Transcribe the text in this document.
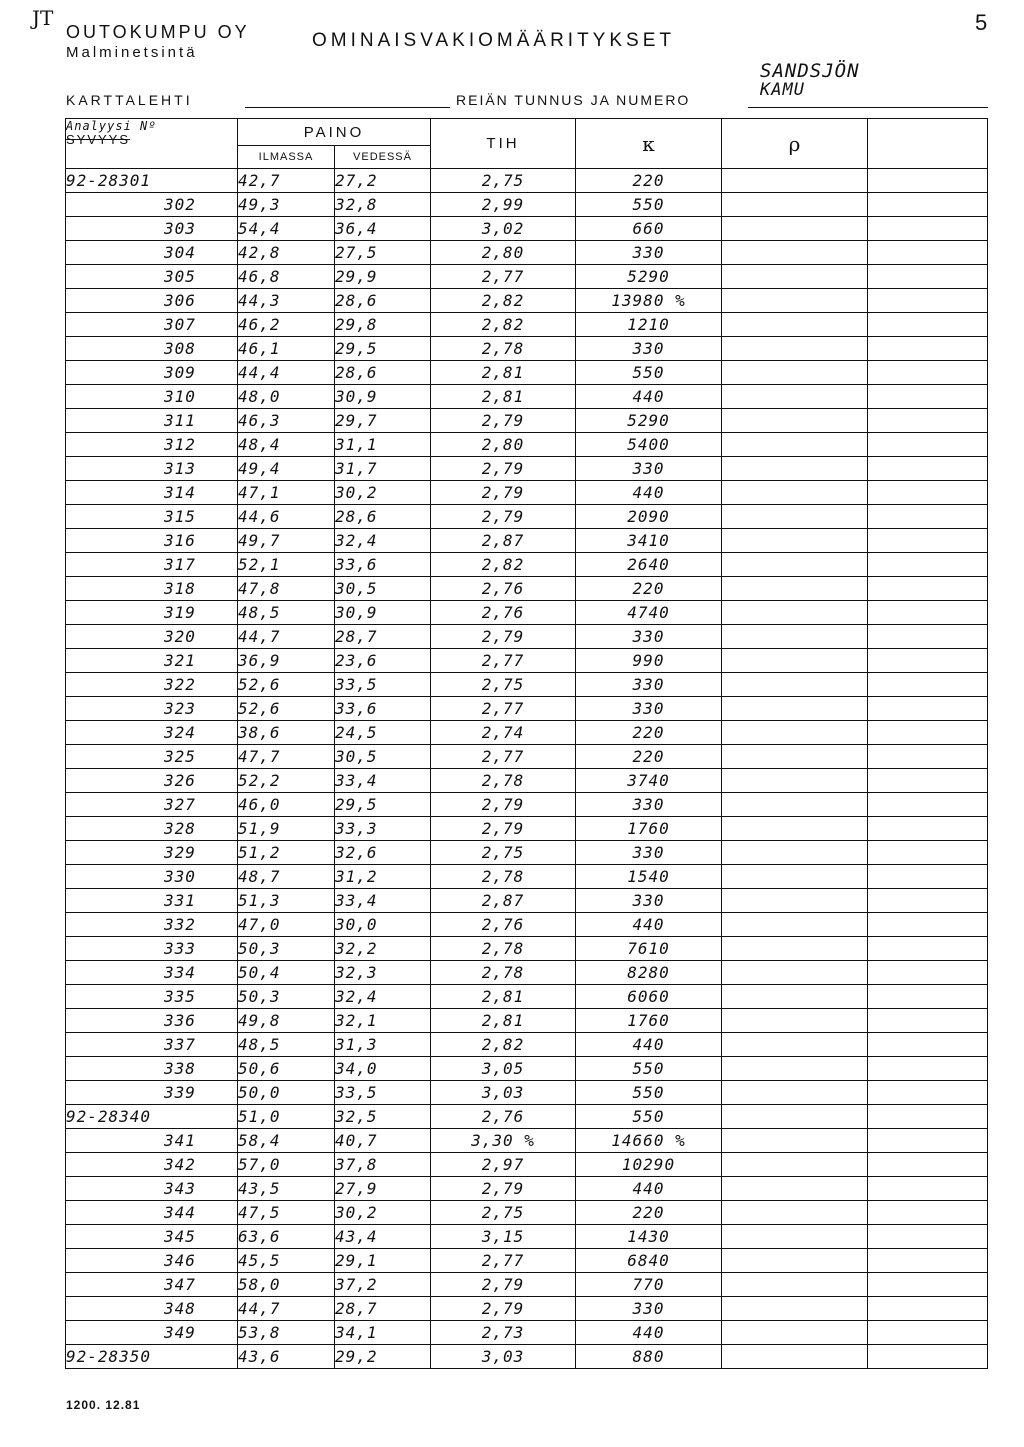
JT
OUTOKUMPU OY
Malminetsintä
OMINAISVAKIOMÄÄRITYKSET
5
SANDSJÖN
KARTTALEHTI	REIÄN TUNNUS JA NUMERO	KAMU
Analyysi Nº
SYVYYS	PAINO		TIH	κ	ρ	
	ILMASSA	VEDESSÄ				
92-28301	42,7	27,2	2,75	220		
302	49,3	32,8	2,99	550		
303	54,4	36,4	3,02	660		
304	42,8	27,5	2,80	330		
305	46,8	29,9	2,77	5290		
306	44,3	28,6	2,82	13980 %		
307	46,2	29,8	2,82	1210		
308	46,1	29,5	2,78	330		
309	44,4	28,6	2,81	550		
310	48,0	30,9	2,81	440		
311	46,3	29,7	2,79	5290		
312	48,4	31,1	2,80	5400		
313	49,4	31,7	2,79	330		
314	47,1	30,2	2,79	440		
315	44,6	28,6	2,79	2090		
316	49,7	32,4	2,87	3410		
317	52,1	33,6	2,82	2640		
318	47,8	30,5	2,76	220		
319	48,5	30,9	2,76	4740		
320	44,7	28,7	2,79	330		
321	36,9	23,6	2,77	990		
322	52,6	33,5	2,75	330		
323	52,6	33,6	2,77	330		
324	38,6	24,5	2,74	220		
325	47,7	30,5	2,77	220		
326	52,2	33,4	2,78	3740		
327	46,0	29,5	2,79	330		
328	51,9	33,3	2,79	1760		
329	51,2	32,6	2,75	330		
330	48,7	31,2	2,78	1540		
331	51,3	33,4	2,87	330		
332	47,0	30,0	2,76	440		
333	50,3	32,2	2,78	7610		
334	50,4	32,3	2,78	8280		
335	50,3	32,4	2,81	6060		
336	49,8	32,1	2,81	1760		
337	48,5	31,3	2,82	440		
338	50,6	34,0	3,05	550		
339	50,0	33,5	3,03	550		
92-28340	51,0	32,5	2,76	550		
341	58,4	40,7	3,30 %	14660 %		
342	57,0	37,8	2,97	10290		
343	43,5	27,9	2,79	440		
344	47,5	30,2	2,75	220		
345	63,6	43,4	3,15	1430		
346	45,5	29,1	2,77	6840		
347	58,0	37,2	2,79	770		
348	44,7	28,7	2,79	330		
349	53,8	34,1	2,73	440		
92-28350	43,6	29,2	3,03	880		
1200. 12.81
